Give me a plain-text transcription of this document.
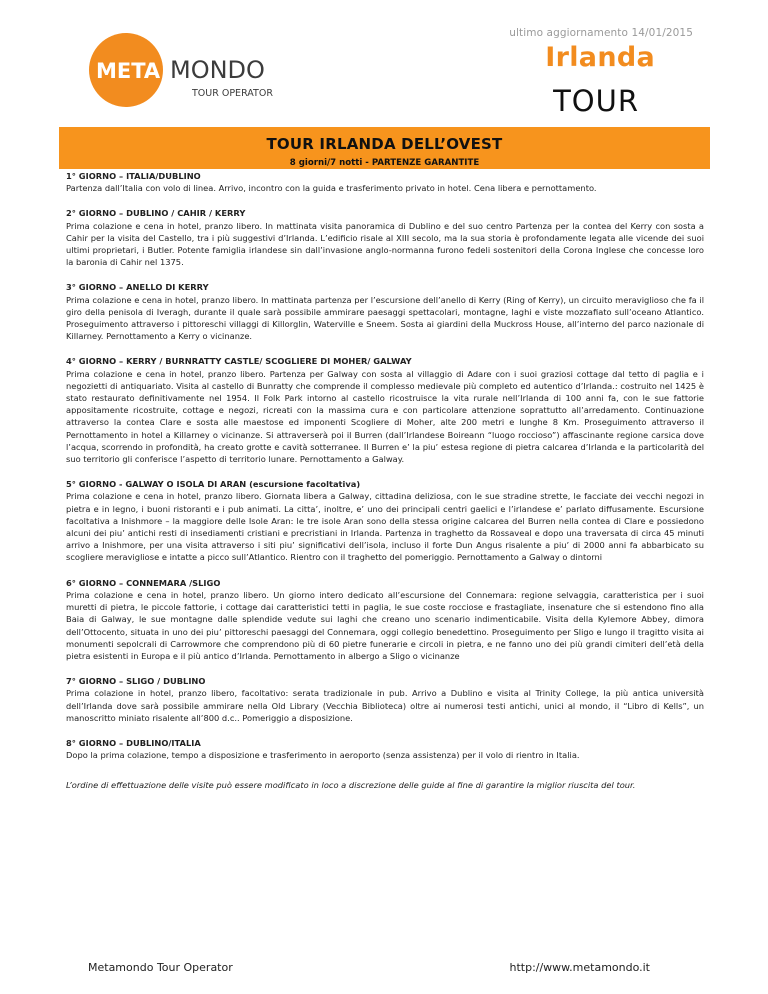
ultimo aggiornamento 14/01/2015
META MONDO
TOUR OPERATOR
Irlanda
TOUR
TOUR IRLANDA DELL’OVEST
8 giorni/7 notti - PARTENZE GARANTITE
1° GIORNO – ITALIA/DUBLINO
Partenza dall’Italia con volo di linea. Arrivo, incontro con la guida e trasferimento privato in hotel. Cena libera e pernottamento.
2° GIORNO – DUBLINO / CAHIR / KERRY
Prima colazione e cena in hotel, pranzo libero. In mattinata visita panoramica di Dublino e del suo centro Partenza per la contea del Kerry con sosta a Cahir per la visita del Castello, tra i più suggestivi d’Irlanda. L’edificio risale al XIII secolo, ma la sua storia è profondamente legata alle vicende dei suoi ultimi proprietari, i Butler. Potente famiglia irlandese sin dall’invasione anglo-normanna furono fedeli sostenitori della Corona Inglese che concesse loro la baronia di Cahir nel 1375.
3° GIORNO – ANELLO DI KERRY
Prima colazione e cena in hotel, pranzo libero. In mattinata partenza per l’escursione dell’anello di Kerry (Ring of Kerry), un circuito meraviglioso che fa il giro della penisola di Iveragh, durante il quale sarà possibile ammirare paesaggi spettacolari, montagne, laghi e viste mozzafiato sull’oceano Atlantico. Proseguimento attraverso i pittoreschi villaggi di Killorglin, Waterville e Sneem. Sosta ai giardini della Muckross House, all’interno del parco nazionale di Killarney. Pernottamento a Kerry o vicinanze.
4° GIORNO – KERRY / BURNRATTY CASTLE/ SCOGLIERE DI MOHER/ GALWAY
Prima colazione e cena in hotel, pranzo libero. Partenza per Galway con sosta al villaggio di Adare con i suoi graziosi cottage dal tetto di paglia e i negozietti di antiquariato. Visita al castello di Bunratty che comprende il complesso medievale più completo ed autentico d’Irlanda.: costruito nel 1425 è stato restaurato definitivamente nel 1954. Il Folk Park intorno al castello ricostruisce la vita rurale nell’Irlanda di 100 anni fa, con le sue fattorie appositamente ricostruite, cottage e negozi, ricreati con la massima cura e con particolare attenzione soprattutto all’arredamento. Continuazione attraverso la contea Clare e sosta alle maestose ed imponenti Scogliere di Moher, alte 200 metri e lunghe 8 Km. Proseguimento attraverso il Pernottamento in hotel a Killarney o vicinanze. Si attraverserà poi il Burren (dall’Irlandese Boireann “luogo roccioso”) affascinante regione carsica dove l’acqua, scorrendo in profondità, ha creato grotte e cavità sotterranee. Il Burren e’ la piu’ estesa regione di pietra calcarea d’Irlanda e la particolarità del suo territorio gli conferisce l’aspetto di territorio lunare. Pernottamento a Galway.
5° GIORNO - GALWAY O ISOLA DI ARAN (escursione facoltativa)
Prima colazione e cena in hotel, pranzo libero. Giornata libera a Galway, cittadina deliziosa, con le sue stradine strette, le facciate dei vecchi negozi in pietra e in legno, i buoni ristoranti e i pub animati. La citta’, inoltre, e’ uno dei principali centri gaelici e l’irlandese e’ parlato diffusamente. Escursione facoltativa a Inishmore – la maggiore delle Isole Aran: le tre isole Aran sono della stessa origine calcarea del Burren nella contea di Clare e possiedono alcuni dei piu’ antichi resti di insediamenti cristiani e precristiani in Irlanda. Partenza in traghetto da Rossaveal e dopo una traversata di circa 45 minuti arrivo a Inishmore, per una visita attraverso i siti piu’ significativi dell’isola, incluso il forte Dun Angus risalente a piu’ di 2000 anni fa abbarbicato su scogliere meravigliose e intatte a picco sull’Atlantico. Rientro con il traghetto del pomeriggio. Pernottamento a Galway o dintorni
6° GIORNO – CONNEMARA /SLIGO
Prima colazione e cena in hotel, pranzo libero. Un giorno intero dedicato all’escursione del Connemara: regione selvaggia, caratteristica per i suoi muretti di pietra, le piccole fattorie, i cottage dai caratteristici tetti in paglia, le sue coste rocciose e frastagliate, insenature che si estendono fino alla Baia di Galway, le sue montagne dalle splendide vedute sui laghi che creano uno scenario indimenticabile. Visita della Kylemore Abbey, dimora dell’Ottocento, situata in uno dei piu’ pittoreschi paesaggi del Connemara, oggi collegio benedettino. Proseguimento per Sligo e lungo il tragitto visita ai monumenti sepolcrali di Carrowmore che comprendono più di 60 pietre funerarie e circoli in pietra, e ne fanno uno dei più grandi cimiteri dell’età della pietra esistenti in Europa e il più antico d’Irlanda. Pernottamento in albergo a Sligo o vicinanze
7° GIORNO – SLIGO / DUBLINO
Prima colazione in hotel, pranzo libero, facoltativo: serata tradizionale in pub. Arrivo a Dublino e visita al Trinity College, la più antica università dell’Irlanda dove sarà possibile ammirare nella Old Library (Vecchia Biblioteca) oltre ai numerosi testi antichi, unici al mondo, il “Libro di Kells”, un manoscritto miniato risalente all’800 d.c.. Pomeriggio a disposizione.
8° GIORNO – DUBLINO/ITALIA
Dopo la prima colazione, tempo a disposizione e trasferimento in aeroporto (senza assistenza) per il volo di rientro in Italia.
L’ordine di effettuazione delle visite può essere modificato in loco a discrezione delle guide al fine di garantire la miglior riuscita del tour.
Metamondo Tour Operator	http://www.metamondo.it
